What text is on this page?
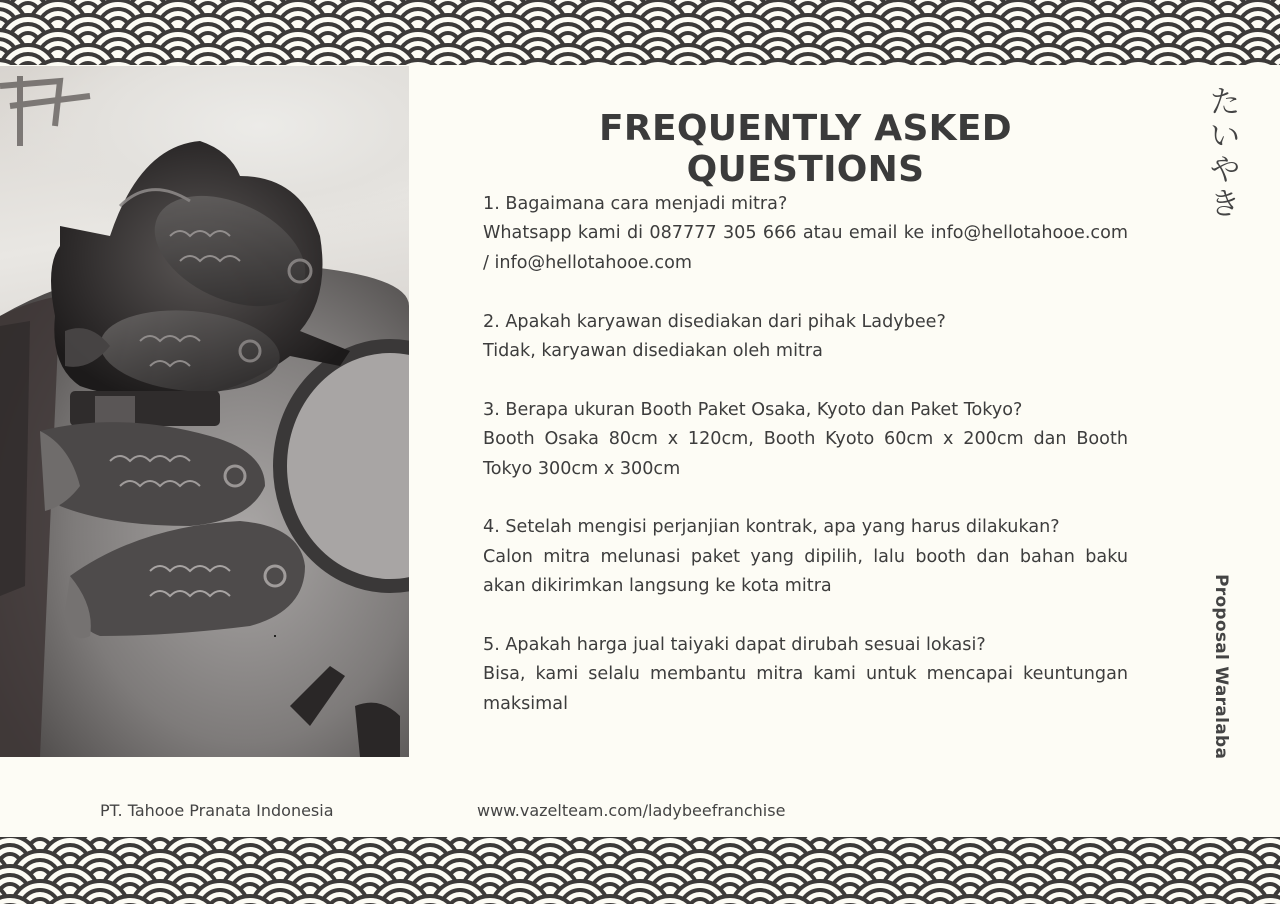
FREQUENTLY ASKED QUESTIONS
1. Bagaimana cara menjadi mitra?
Whatsapp kami di 087777 305 666 atau email ke info@hellotahooe.com / info@hellotahooe.com
2. Apakah karyawan disediakan dari pihak Ladybee?
Tidak, karyawan disediakan oleh mitra
3. Berapa ukuran Booth Paket Osaka, Kyoto dan Paket Tokyo?
Booth Osaka 80cm x 120cm, Booth Kyoto 60cm x 200cm dan Booth Tokyo 300cm x 300cm
4. Setelah mengisi perjanjian kontrak, apa yang harus dilakukan?
Calon mitra melunasi paket yang dipilih, lalu booth dan bahan baku akan dikirimkan langsung ke kota mitra
5. Apakah harga jual taiyaki dapat dirubah sesuai lokasi?
Bisa, kami selalu membantu mitra kami untuk mencapai keuntungan maksimal
た
い
や
き
Proposal Waralaba
PT. Tahooe Pranata Indonesia	www.vazelteam.com/ladybeefranchise
